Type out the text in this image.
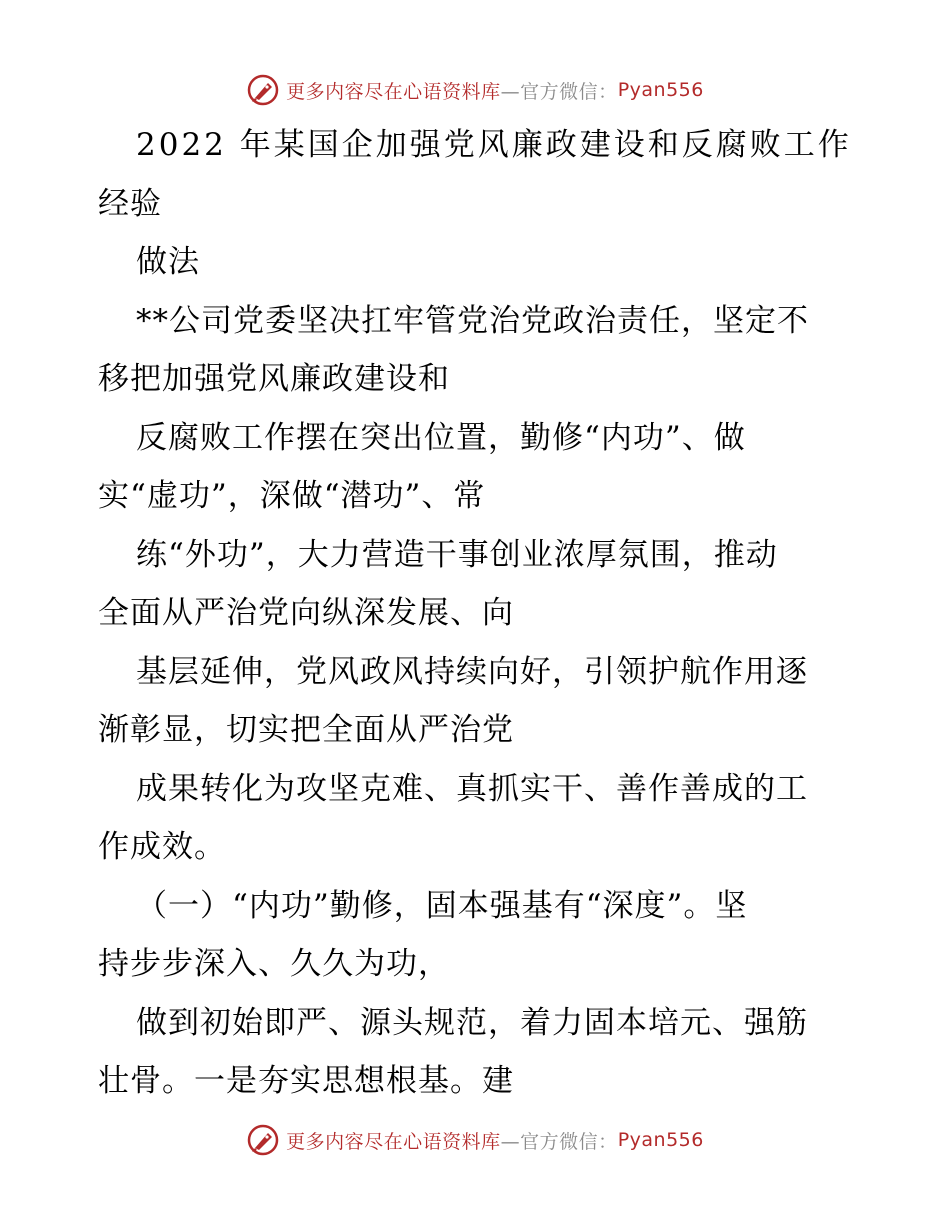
更多内容尽在心语资料库 —官方微信： Pyan556
2022 年某国企加强党风廉政建设和反腐败工作
经验
做法
**公司党委坚决扛牢管党治党政治责任，坚定不
移把加强党风廉政建设和
反腐败工作摆在突出位置，勤修“内功”、做
实“虚功”，深做“潜功”、常
练“外功”，大力营造干事创业浓厚氛围，推动
全面从严治党向纵深发展、向
基层延伸，党风政风持续向好，引领护航作用逐
渐彰显，切实把全面从严治党
成果转化为攻坚克难、真抓实干、善作善成的工
作成效。
（一）“内功”勤修，固本强基有“深度”。坚
持步步深入、久久为功，
做到初始即严、源头规范，着力固本培元、强筋
壮骨。一是夯实思想根基。建
更多内容尽在心语资料库 —官方微信： Pyan556
